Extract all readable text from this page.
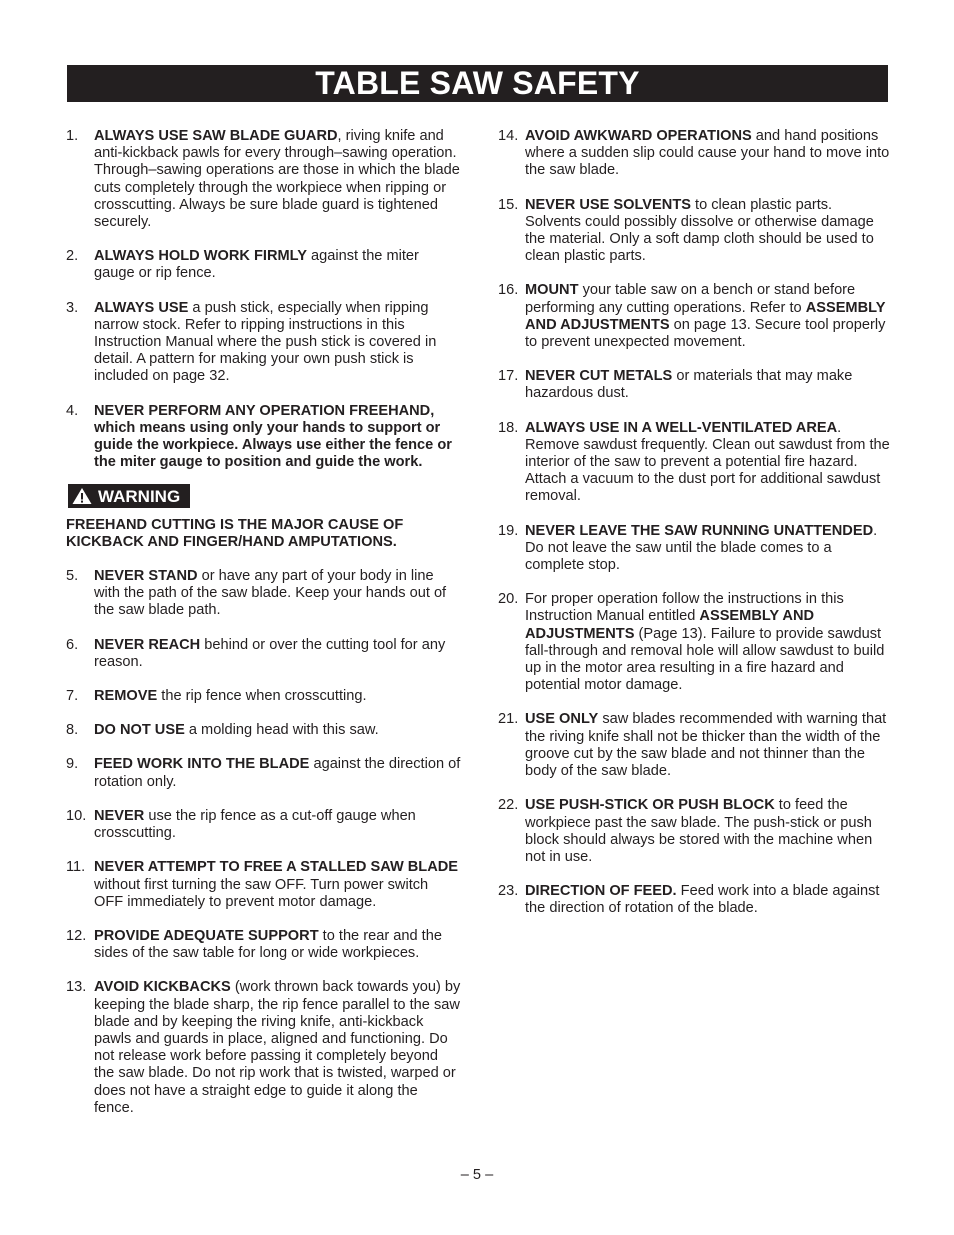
TABLE SAW SAFETY
1.	ALWAYS USE SAW BLADE GUARD, riving knife and anti-kickback pawls for every through–sawing operation. Through–sawing operations are those in which the blade cuts completely through the workpiece when ripping or crosscutting. Always be sure blade guard is tightened securely.
2.	ALWAYS HOLD WORK FIRMLY against the miter gauge or rip fence.
3.	ALWAYS USE a push stick, especially when ripping narrow stock. Refer to ripping instructions in this Instruction Manual where the push stick is covered in detail. A pattern for making your own push stick is included on page 32.
4.	NEVER PERFORM ANY OPERATION FREEHAND, which means using only your hands to support or guide the workpiece. Always use either the fence or the miter gauge to position and guide the work.
WARNING
FREEHAND CUTTING IS THE MAJOR CAUSE OF KICKBACK AND FINGER/HAND AMPUTATIONS.
5.	NEVER STAND or have any part of your body in line with the path of the saw blade. Keep your hands out of the saw blade path.
6.	NEVER REACH behind or over the cutting tool for any reason.
7.	REMOVE the rip fence when crosscutting.
8.	DO NOT USE a molding head with this saw.
9.	FEED WORK INTO THE BLADE against the direction of rotation only.
10. NEVER use the rip fence as a cut-off gauge when crosscutting.
11. NEVER ATTEMPT TO FREE A STALLED SAW BLADE without first turning the saw OFF. Turn power switch OFF immediately to prevent motor damage.
12. PROVIDE ADEQUATE SUPPORT to the rear and the sides of the saw table for long or wide workpieces.
13. AVOID KICKBACKS (work thrown back towards you) by keeping the blade sharp, the rip fence parallel to the saw blade and by keeping the riving knife, anti-kickback pawls and guards in place, aligned and functioning. Do not release work before passing it completely beyond the saw blade. Do not rip work that is twisted, warped or does not have a straight edge to guide it along the fence.
14. AVOID AWKWARD OPERATIONS and hand positions where a sudden slip could cause your hand to move into the saw blade.
15. NEVER USE SOLVENTS to clean plastic parts. Solvents could possibly dissolve or otherwise damage the material. Only a soft damp cloth should be used to clean plastic parts.
16. MOUNT your table saw on a bench or stand before performing any cutting operations. Refer to ASSEMBLY AND ADJUSTMENTS on page 13. Secure tool properly to prevent unexpected movement.
17. NEVER CUT METALS or materials that may make hazardous dust.
18. ALWAYS USE IN A WELL-VENTILATED AREA. Remove sawdust frequently. Clean out sawdust from the interior of the saw to prevent a potential fire hazard. Attach a vacuum to the dust port for additional sawdust removal.
19. NEVER LEAVE THE SAW RUNNING UNATTENDED. Do not leave the saw until the blade comes to a complete stop.
20. For proper operation follow the instructions in this Instruction Manual entitled ASSEMBLY AND ADJUSTMENTS (Page 13). Failure to provide sawdust fall-through and removal hole will allow sawdust to build up in the motor area resulting in a fire hazard and potential motor damage.
21. USE ONLY saw blades recommended with warning that the riving knife shall not be thicker than the width of the groove cut by the saw blade and not thinner than the body of the saw blade.
22. USE PUSH-STICK OR PUSH BLOCK to feed the workpiece past the saw blade. The push-stick or push block should always be stored with the machine when not in use.
23. DIRECTION OF FEED. Feed work into a blade against the direction of rotation of the blade.
– 5 –
